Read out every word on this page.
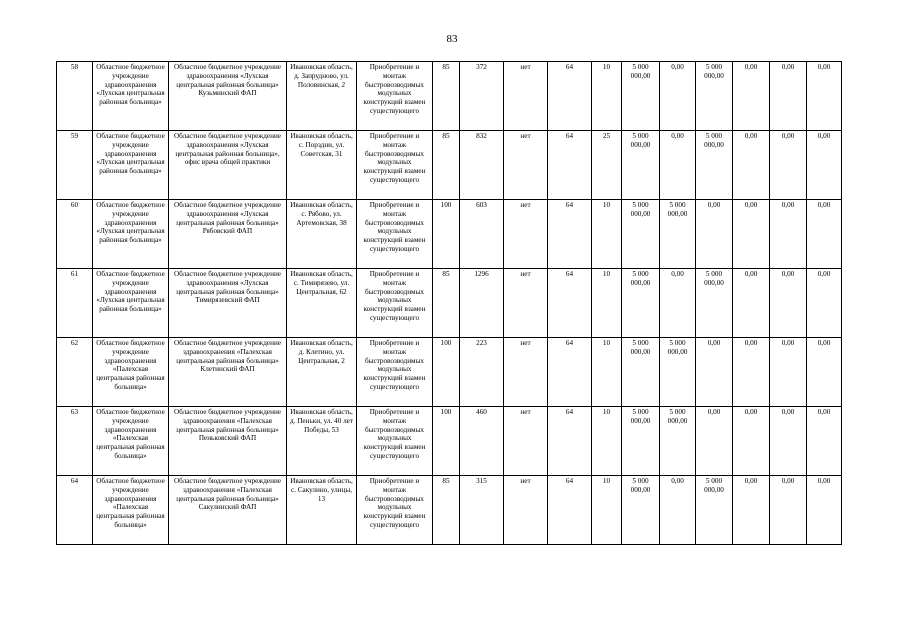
83
58	Областное бюджетное учреждение здравоохранения «Лухская центральная районная больница»	Областное бюджетное учреждение здравоохранения «Лухская центральная районная больница» Кузьминский ФАП	Ивановская область, д. Запрудново, ул. Половинская, 2	Приобретение и монтаж быстровозводимых модульных конструкций взамен существующего	85	372	нет	64	10	5 000 000,00	0,00	5 000 000,00	0,00	0,00	0,00
59	Областное бюджетное учреждение здравоохранения «Лухская центральная районная больница»	Областное бюджетное учреждение здравоохранения «Лухская центральная районная больница», офис врача общей практики	Ивановская область, с. Порздни, ул. Советская, 31	Приобретение и монтаж быстровозводимых модульных конструкций взамен существующего	85	832	нет	64	25	5 000 000,00	0,00	5 000 000,00	0,00	0,00	0,00
60	Областное бюджетное учреждение здравоохранения «Лухская центральная районная больница»	Областное бюджетное учреждение здравоохранения «Лухская центральная районная больница» Рябовский ФАП	Ивановская область, с. Рябово, ул. Артемовская, 38	Приобретение и монтаж быстровозводимых модульных конструкций взамен существующего	100	603	нет	64	10	5 000 000,00	5 000 000,00	0,00	0,00	0,00	0,00
61	Областное бюджетное учреждение здравоохранения «Лухская центральная районная больница»	Областное бюджетное учреждение здравоохранения «Лухская центральная районная больница» Тимирязевский ФАП	Ивановская область, с. Тимирязево, ул. Центральная, 62	Приобретение и монтаж быстровозводимых модульных конструкций взамен существующего	85	1296	нет	64	10	5 000 000,00	0,00	5 000 000,00	0,00	0,00	0,00
62	Областное бюджетное учреждение здравоохранения «Палехская центральная районная больница»	Областное бюджетное учреждение здравоохранения «Палехская центральная районная больница» Клетинский ФАП	Ивановская область, д. Клетино, ул. Центральная, 2	Приобретение и монтаж быстровозводимых модульных конструкций взамен существующего	100	223	нет	64	10	5 000 000,00	5 000 000,00	0,00	0,00	0,00	0,00
63	Областное бюджетное учреждение здравоохранения «Палехская центральная районная больница»	Областное бюджетное учреждение здравоохранения «Палехская центральная районная больница» Пеньковский ФАП	Ивановская область, д. Пеньки, ул. 40 лет Победы, 53	Приобретение и монтаж быстровозводимых модульных конструкций взамен существующего	100	460	нет	64	10	5 000 000,00	5 000 000,00	0,00	0,00	0,00	0,00
64	Областное бюджетное учреждение здравоохранения «Палехская центральная районная больница»	Областное бюджетное учреждение здравоохранения «Палехская центральная районная больница» Сакулинский ФАП	Ивановская область, с. Сакулино, улицы, 13	Приобретение и монтаж быстровозводимых модульных конструкций взамен существующего	85	315	нет	64	10	5 000 000,00	0,00	5 000 000,00	0,00	0,00	0,00
